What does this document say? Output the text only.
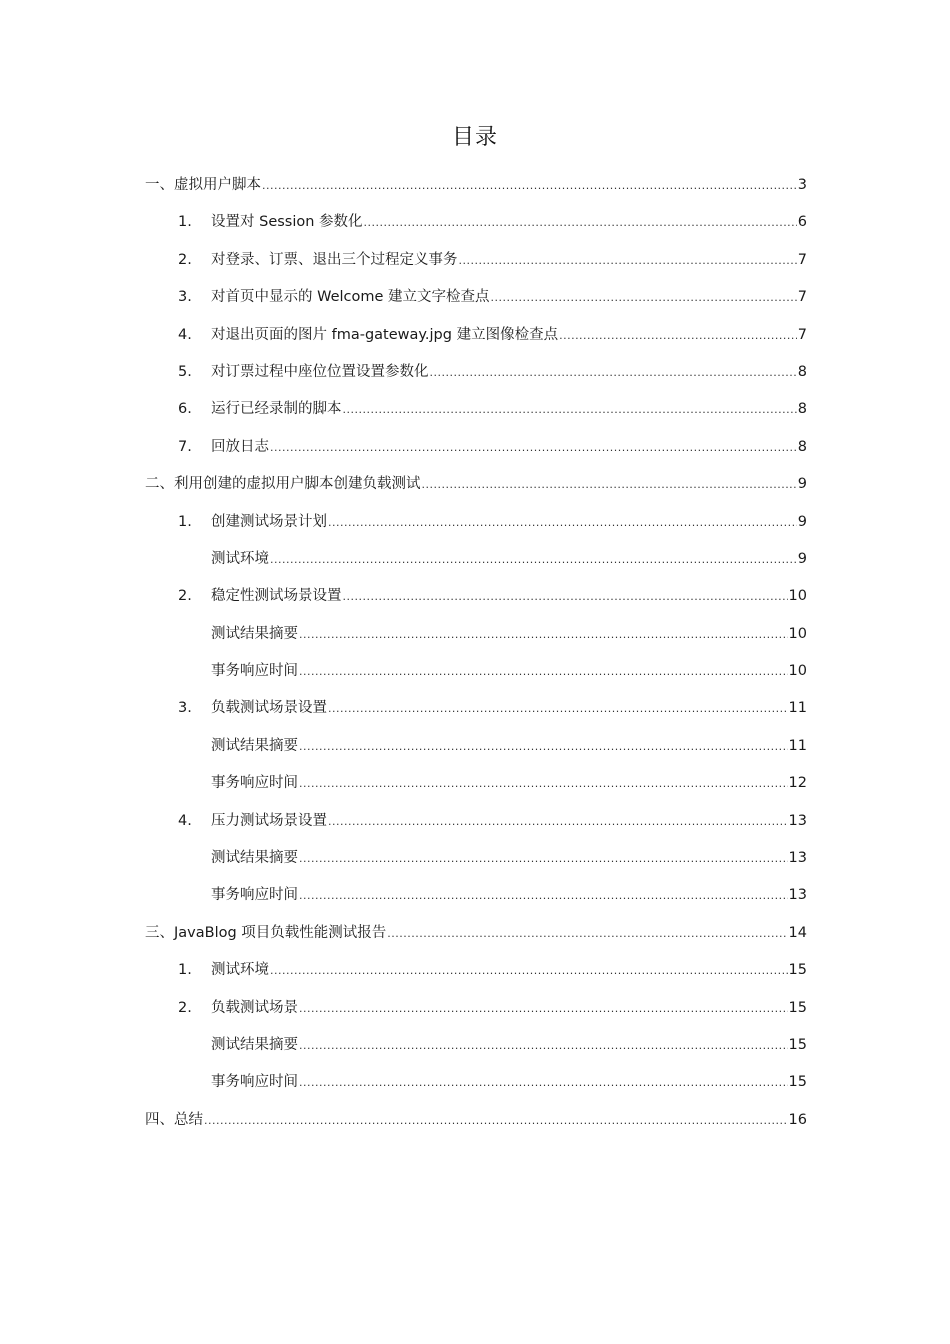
目录
一、虚拟用户脚本 .....	3
1.	设置对 Session 参数化 .....	6
2.	对登录、订票、退出三个过程定义事务 .....	7
3.	对首页中显示的 Welcome 建立文字检查点 .....	7
4.	对退出页面的图片 fma-gateway.jpg 建立图像检查点 .....	7
5.	对订票过程中座位位置设置参数化 .....	8
6.	运行已经录制的脚本 .....	8
7.	回放日志 .....	8
二、利用创建的虚拟用户脚本创建负载测试 .....	9
1.	创建测试场景计划 .....	9
测试环境 .....	9
2.	稳定性测试场景设置 .....	10
测试结果摘要 .....	10
事务响应时间 .....	10
3.	负载测试场景设置 .....	11
测试结果摘要 .....	11
事务响应时间 .....	12
4.	压力测试场景设置 .....	13
测试结果摘要 .....	13
事务响应时间 .....	13
三、JavaBlog 项目负载性能测试报告 .....	14
1.	测试环境 .....	15
2.	负载测试场景 .....	15
测试结果摘要 .....	15
事务响应时间 .....	15
四、总结 .....	16
